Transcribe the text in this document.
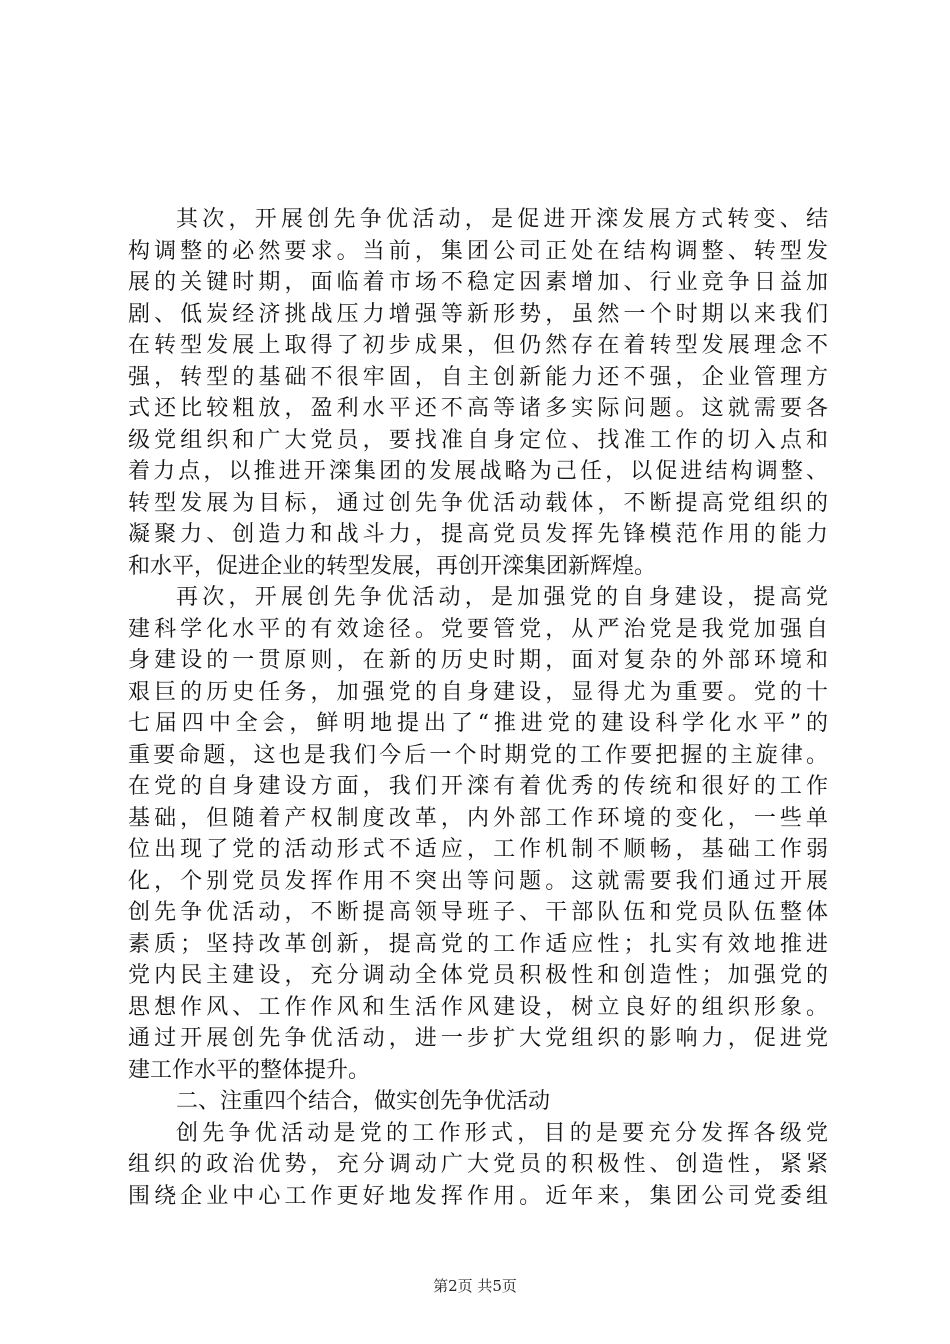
其次，开展创先争优活动，是促进开滦发展方式转变、结
构调整的必然要求。当前，集团公司正处在结构调整、转型发
展的关键时期，面临着市场不稳定因素增加、行业竞争日益加
剧、低炭经济挑战压力增强等新形势，虽然一个时期以来我们
在转型发展上取得了初步成果，但仍然存在着转型发展理念不
强，转型的基础不很牢固，自主创新能力还不强，企业管理方
式还比较粗放，盈利水平还不高等诸多实际问题。这就需要各
级党组织和广大党员，要找准自身定位、找准工作的切入点和
着力点，以推进开滦集团的发展战略为己任，以促进结构调整、
转型发展为目标，通过创先争优活动载体，不断提高党组织的
凝聚力、创造力和战斗力，提高党员发挥先锋模范作用的能力
和水平，促进企业的转型发展，再创开滦集团新辉煌。
再次，开展创先争优活动，是加强党的自身建设，提高党
建科学化水平的有效途径。党要管党，从严治党是我党加强自
身建设的一贯原则，在新的历史时期，面对复杂的外部环境和
艰巨的历史任务，加强党的自身建设，显得尤为重要。党的十
七届四中全会，鲜明地提出了“推进党的建设科学化水平”的
重要命题，这也是我们今后一个时期党的工作要把握的主旋律。
在党的自身建设方面，我们开滦有着优秀的传统和很好的工作
基础，但随着产权制度改革，内外部工作环境的变化，一些单
位出现了党的活动形式不适应，工作机制不顺畅，基础工作弱
化，个别党员发挥作用不突出等问题。这就需要我们通过开展
创先争优活动，不断提高领导班子、干部队伍和党员队伍整体
素质；坚持改革创新，提高党的工作适应性；扎实有效地推进
党内民主建设，充分调动全体党员积极性和创造性；加强党的
思想作风、工作作风和生活作风建设，树立良好的组织形象。
通过开展创先争优活动，进一步扩大党组织的影响力，促进党
建工作水平的整体提升。
二、注重四个结合，做实创先争优活动
创先争优活动是党的工作形式，目的是要充分发挥各级党
组织的政治优势，充分调动广大党员的积极性、创造性，紧紧
围绕企业中心工作更好地发挥作用。近年来，集团公司党委组
第2页 共5页
